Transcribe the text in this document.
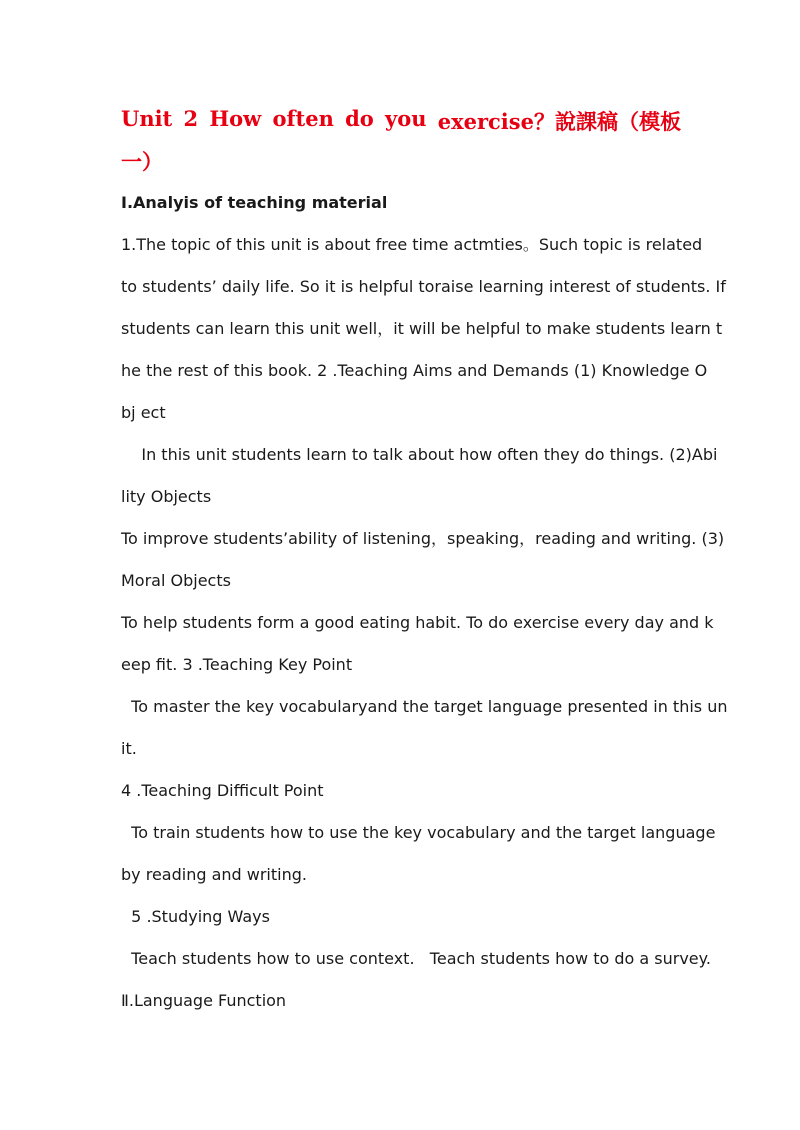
Unit 2 How often do you exercise？說課稿（模板
一）
Ⅰ.Analyis of teaching material
1.The topic of this unit is about free time actmties。Such topic is related
to students’ daily life. So it is helpful toraise learning interest of students. If
students can learn this unit well，it will be helpful to make students learn t
he the rest of this book. 2 .Teaching Aims and Demands (1) Knowledge O
bj ect
In this unit students learn to talk about how often they do things. (2)Abi
lity Objects
To improve students’ability of listening，speaking，reading and writing. (3)
Moral Objects
To help students form a good eating habit. To do exercise every day and k
eep fit. 3 .Teaching Key Point
To master the key vocabularyand the target language presented in this un
it.
4 .Teaching Difficult Point
To train students how to use the key vocabulary and the target language
by reading and writing.
5 .Studying Ways
Teach students how to use context.   Teach students how to do a survey.
Ⅱ.Language Function
